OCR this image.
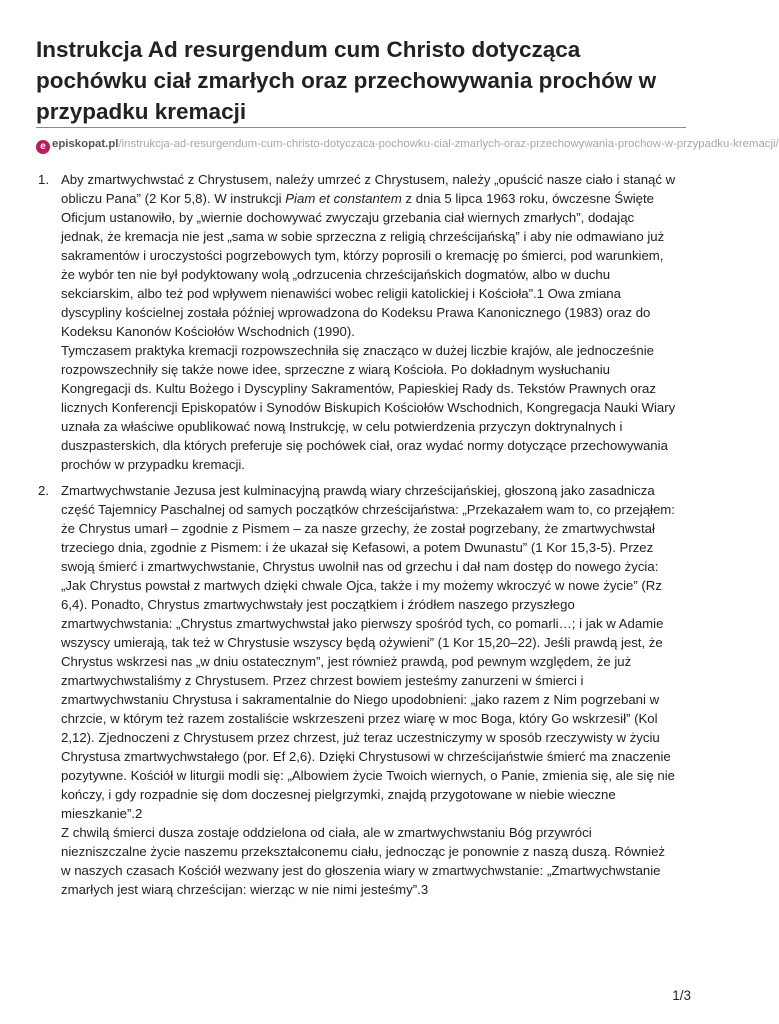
Instrukcja Ad resurgendum cum Christo dotycząca pochówku ciał zmarłych oraz przechowywania prochów w przypadku kremacji
e episkopat.pl/instrukcja-ad-resurgendum-cum-christo-dotyczaca-pochowku-cial-zmarlych-oraz-przechowywania-prochow-w-przypadku-kremacji/
1. Aby zmartwychwstać z Chrystusem, należy umrzeć z Chrystusem, należy „opuścić nasze ciało i stanąć w obliczu Pana” (2 Kor 5,8). W instrukcji Piam et constantem z dnia 5 lipca 1963 roku, ówczesne Święte Oficjum ustanowiło, by „wiernie dochowywać zwyczaju grzebania ciał wiernych zmarłych”, dodając jednak, że kremacja nie jest „sama w sobie sprzeczna z religią chrześcijańską” i aby nie odmawiano już sakramentów i uroczystości pogrzebowych tym, którzy poprosili o kremację po śmierci, pod warunkiem, że wybór ten nie był podyktowany wolą „odrzucenia chrześcijańskich dogmatów, albo w duchu sekciarskim, albo też pod wpływem nienawiści wobec religii katolickiej i Kościoła”.1 Owa zmiana dyscypliny kościelnej została później wprowadzona do Kodeksu Prawa Kanonicznego (1983) oraz do Kodeksu Kanonów Kościołów Wschodnich (1990).

Tymczasem praktyka kremacji rozpowszechniła się znacząco w dużej liczbie krajów, ale jednocześnie rozpowszechniły się także nowe idee, sprzeczne z wiarą Kościoła. Po dokładnym wysłuchaniu Kongregacji ds. Kultu Bożego i Dyscypliny Sakramentów, Papieskiej Rady ds. Tekstów Prawnych oraz licznych Konferencji Episkopatów i Synodów Biskupich Kościołów Wschodnich, Kongregacja Nauki Wiary uznała za właściwe opublikować nową Instrukcję, w celu potwierdzenia przyczyn doktrynalnych i duszpasterskich, dla których preferuje się pochówek ciał, oraz wydać normy dotyczące przechowywania prochów w przypadku kremacji.

2. Zmartwychwstanie Jezusa jest kulminacyjną prawdą wiary chrześcijańskiej, głoszoną jako zasadnicza część Tajemnicy Paschalnej od samych początków chrześcijaństwa: „Przekazałem wam to, co przejąłem: że Chrystus umarł – zgodnie z Pismem – za nasze grzechy, że został pogrzebany, że zmartwychwstał trzeciego dnia, zgodnie z Pismem: i że ukazał się Kefasowi, a potem Dwunastu” (1 Kor 15,3-5). Przez swoją śmierć i zmartwychwstanie, Chrystus uwolnił nas od grzechu i dał nam dostęp do nowego życia: „Jak Chrystus powstał z martwych dzięki chwale Ojca, także i my możemy wkroczyć w nowe życie” (Rz 6,4). Ponadto, Chrystus zmartwychwstały jest początkiem i źródłem naszego przyszłego zmartwychwstania: „Chrystus zmartwychwstał jako pierwszy spośród tych, co pomarli…; i jak w Adamie wszyscy umierają, tak też w Chrystusie wszyscy będą ożywieni” (1 Kor 15,20–22). Jeśli prawdą jest, że Chrystus wskrzesi nas „w dniu ostatecznym”, jest również prawdą, pod pewnym względem, że już zmartwychwstaliśmy z Chrystusem. Przez chrzest bowiem jesteśmy zanurzeni w śmierci i zmartwychwstaniu Chrystusa i sakramentalnie do Niego upodobnieni: „jako razem z Nim pogrzebani w chrzcie, w którym też razem zostaliście wskrzeszeni przez wiarę w moc Boga, który Go wskrzesił” (Kol 2,12). Zjednoczeni z Chrystusem przez chrzest, już teraz uczestniczymy w sposób rzeczywisty w życiu Chrystusa zmartwychwstałego (por. Ef 2,6). Dzięki Chrystusowi w chrześcijaństwie śmierć ma znaczenie pozytywne. Kościół w liturgii modli się: „Albowiem życie Twoich wiernych, o Panie, zmienia się, ale się nie kończy, i gdy rozpadnie się dom doczesnej pielgrzymki, znajdą przygotowane w niebie wieczne mieszkanie”.2

Z chwilą śmierci dusza zostaje oddzielona od ciała, ale w zmartwychwstaniu Bóg przywróci niezniszczalne życie naszemu przekształconemu ciału, jednocząc je ponownie z naszą duszą. Również w naszych czasach Kościół wezwany jest do głoszenia wiary w zmartwychwstanie: „Zmartwychwstanie zmarłych jest wiarą chrześcijan: wierząc w nie nimi jesteśmy”.3

1/3
